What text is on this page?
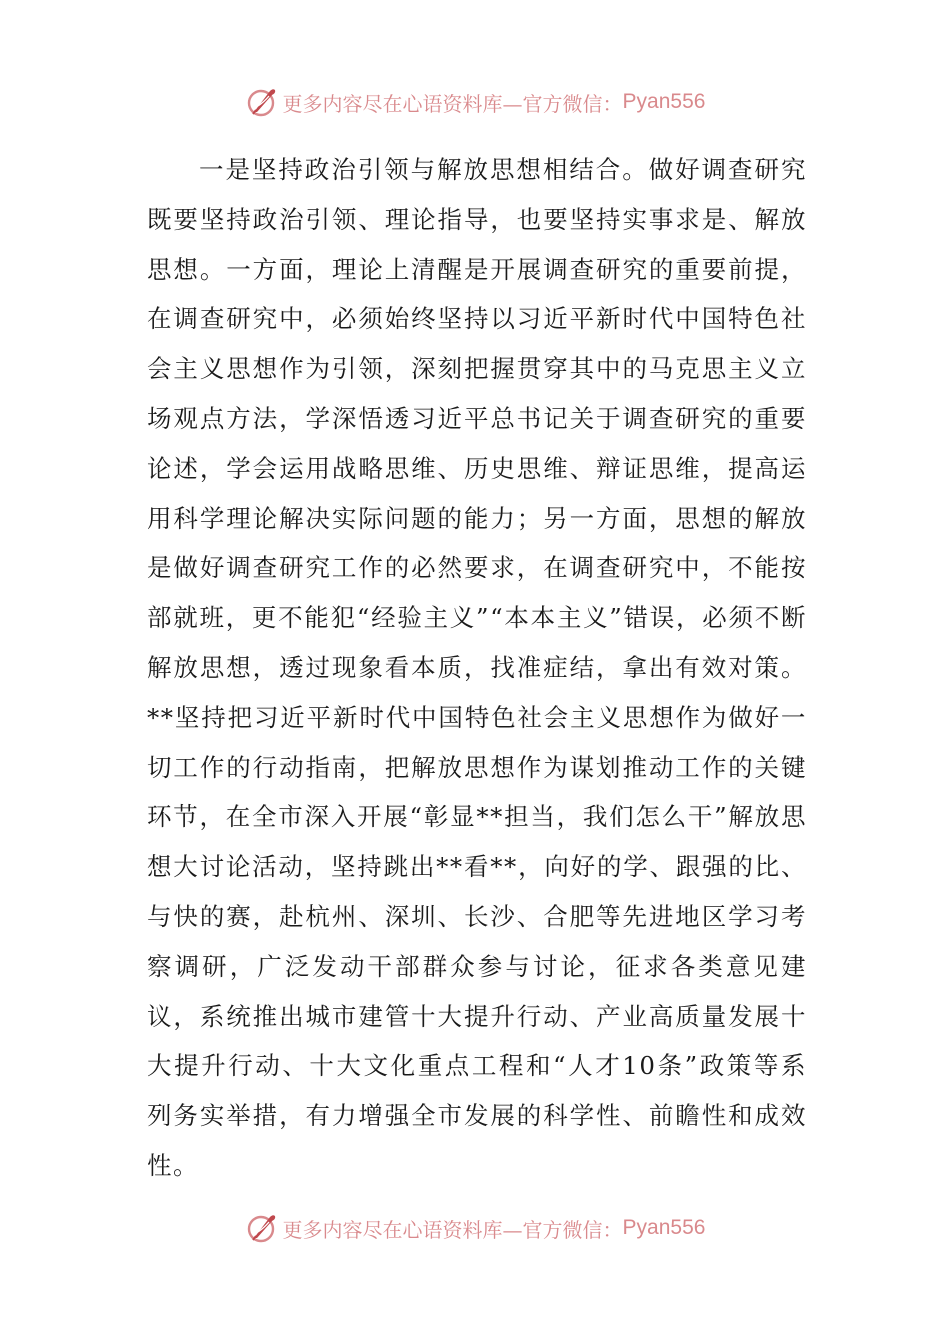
更多内容尽在心语资料库—官方微信： Pyan556

一是坚持政治引领与解放思想相结合。做好调查研究既要坚持政治引领、理论指导，也要坚持实事求是、解放思想。一方面，理论上清醒是开展调查研究的重要前提，在调查研究中，必须始终坚持以习近平新时代中国特色社会主义思想作为引领，深刻把握贯穿其中的马克思主义立场观点方法，学深悟透习近平总书记关于调查研究的重要论述，学会运用战略思维、历史思维、辩证思维，提高运用科学理论解决实际问题的能力；另一方面，思想的解放是做好调查研究工作的必然要求，在调查研究中，不能按部就班，更不能犯“经验主义”“本本主义”错误，必须不断解放思想，透过现象看本质，找准症结，拿出有效对策。**坚持把习近平新时代中国特色社会主义思想作为做好一切工作的行动指南，把解放思想作为谋划推动工作的关键环节，在全市深入开展“彰显**担当，我们怎么干”解放思想大讨论活动，坚持跳出**看**，向好的学、跟强的比、与快的赛，赴杭州、深圳、长沙、合肥等先进地区学习考察调研，广泛发动干部群众参与讨论，征求各类意见建议，系统推出城市建管十大提升行动、产业高质量发展十大提升行动、十大文化重点工程和“人才10条”政策等系列务实举措，有力增强全市发展的科学性、前瞻性和成效性。

更多内容尽在心语资料库—官方微信： Pyan556
